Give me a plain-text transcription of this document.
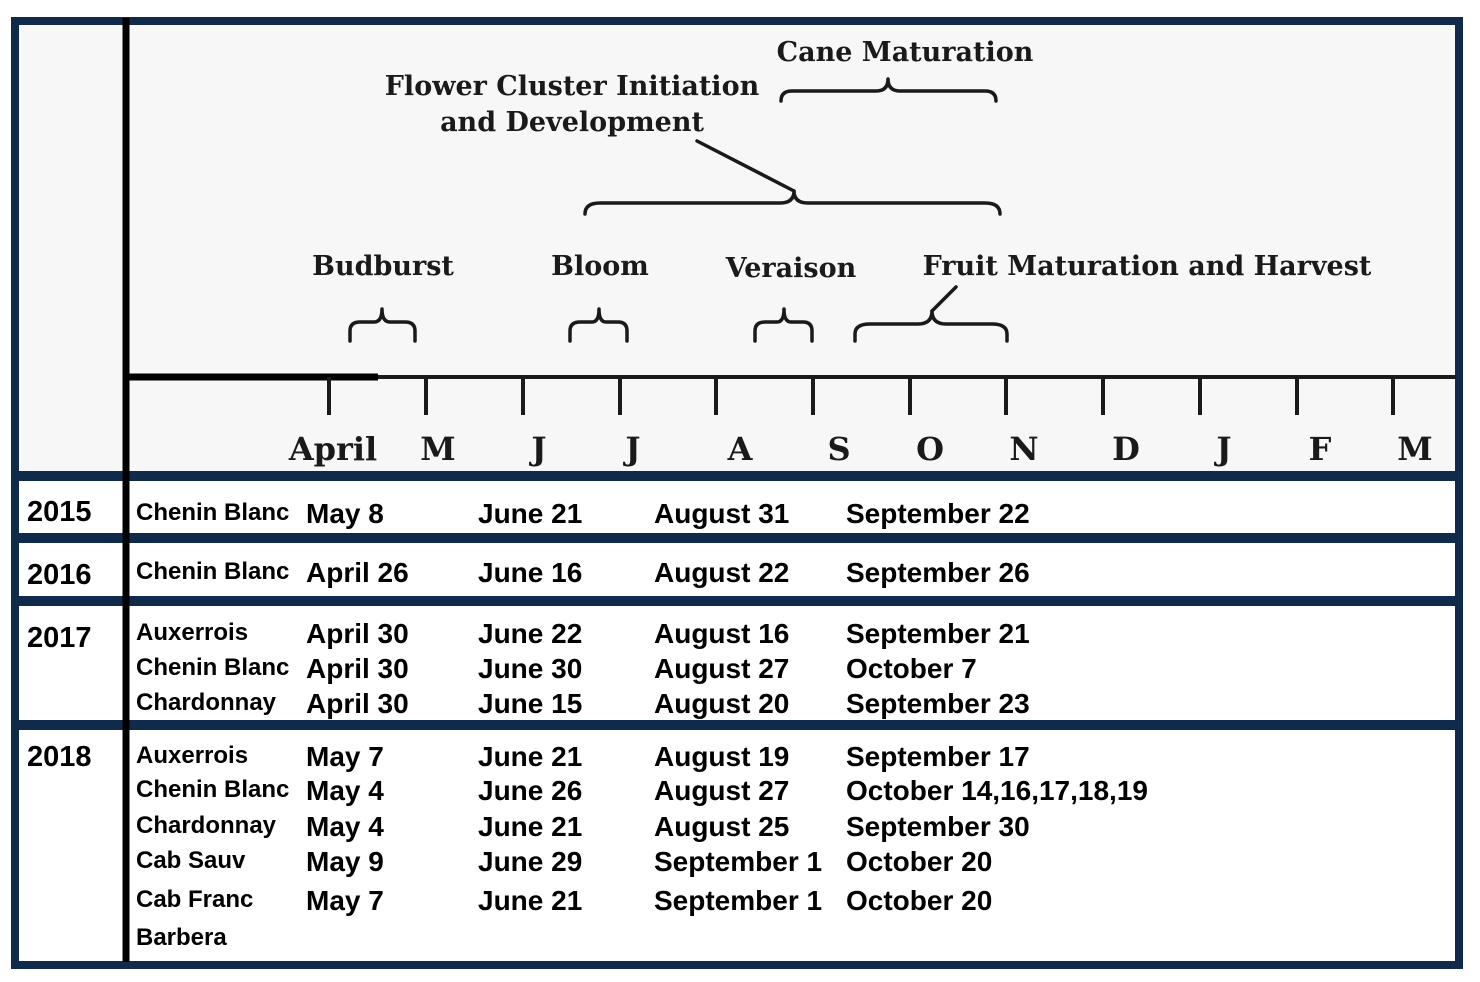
April M J J	A S O N D J F M
Cane Maturation
Flower Cluster Initiation
and Development
Budburst	Bloom	Veraison Fruit Maturation and Harvest
2015 Chenin Blanc May 8	June 21	August 31 September 22
2016 Chenin Blanc April 26 June 16	August 22 September 26
2017 Auxerrois April 30 June 22	August 16 September 21
Chenin Blanc April 30 June 30	August 27 October 7
Chardonnay April 30 June 15	August 20 September 23
2018 Auxerrois May 7	June 21	August 19 September 17
Chenin Blanc May 4	June 26	August 27 October 14,16,17,18,19
Chardonnay May 4	June 21	August 25 September 30
Cab Sauv May 9	June 29	September 1 October 20
Cab Franc May 7	June 21	September 1 October 20
Barbera
